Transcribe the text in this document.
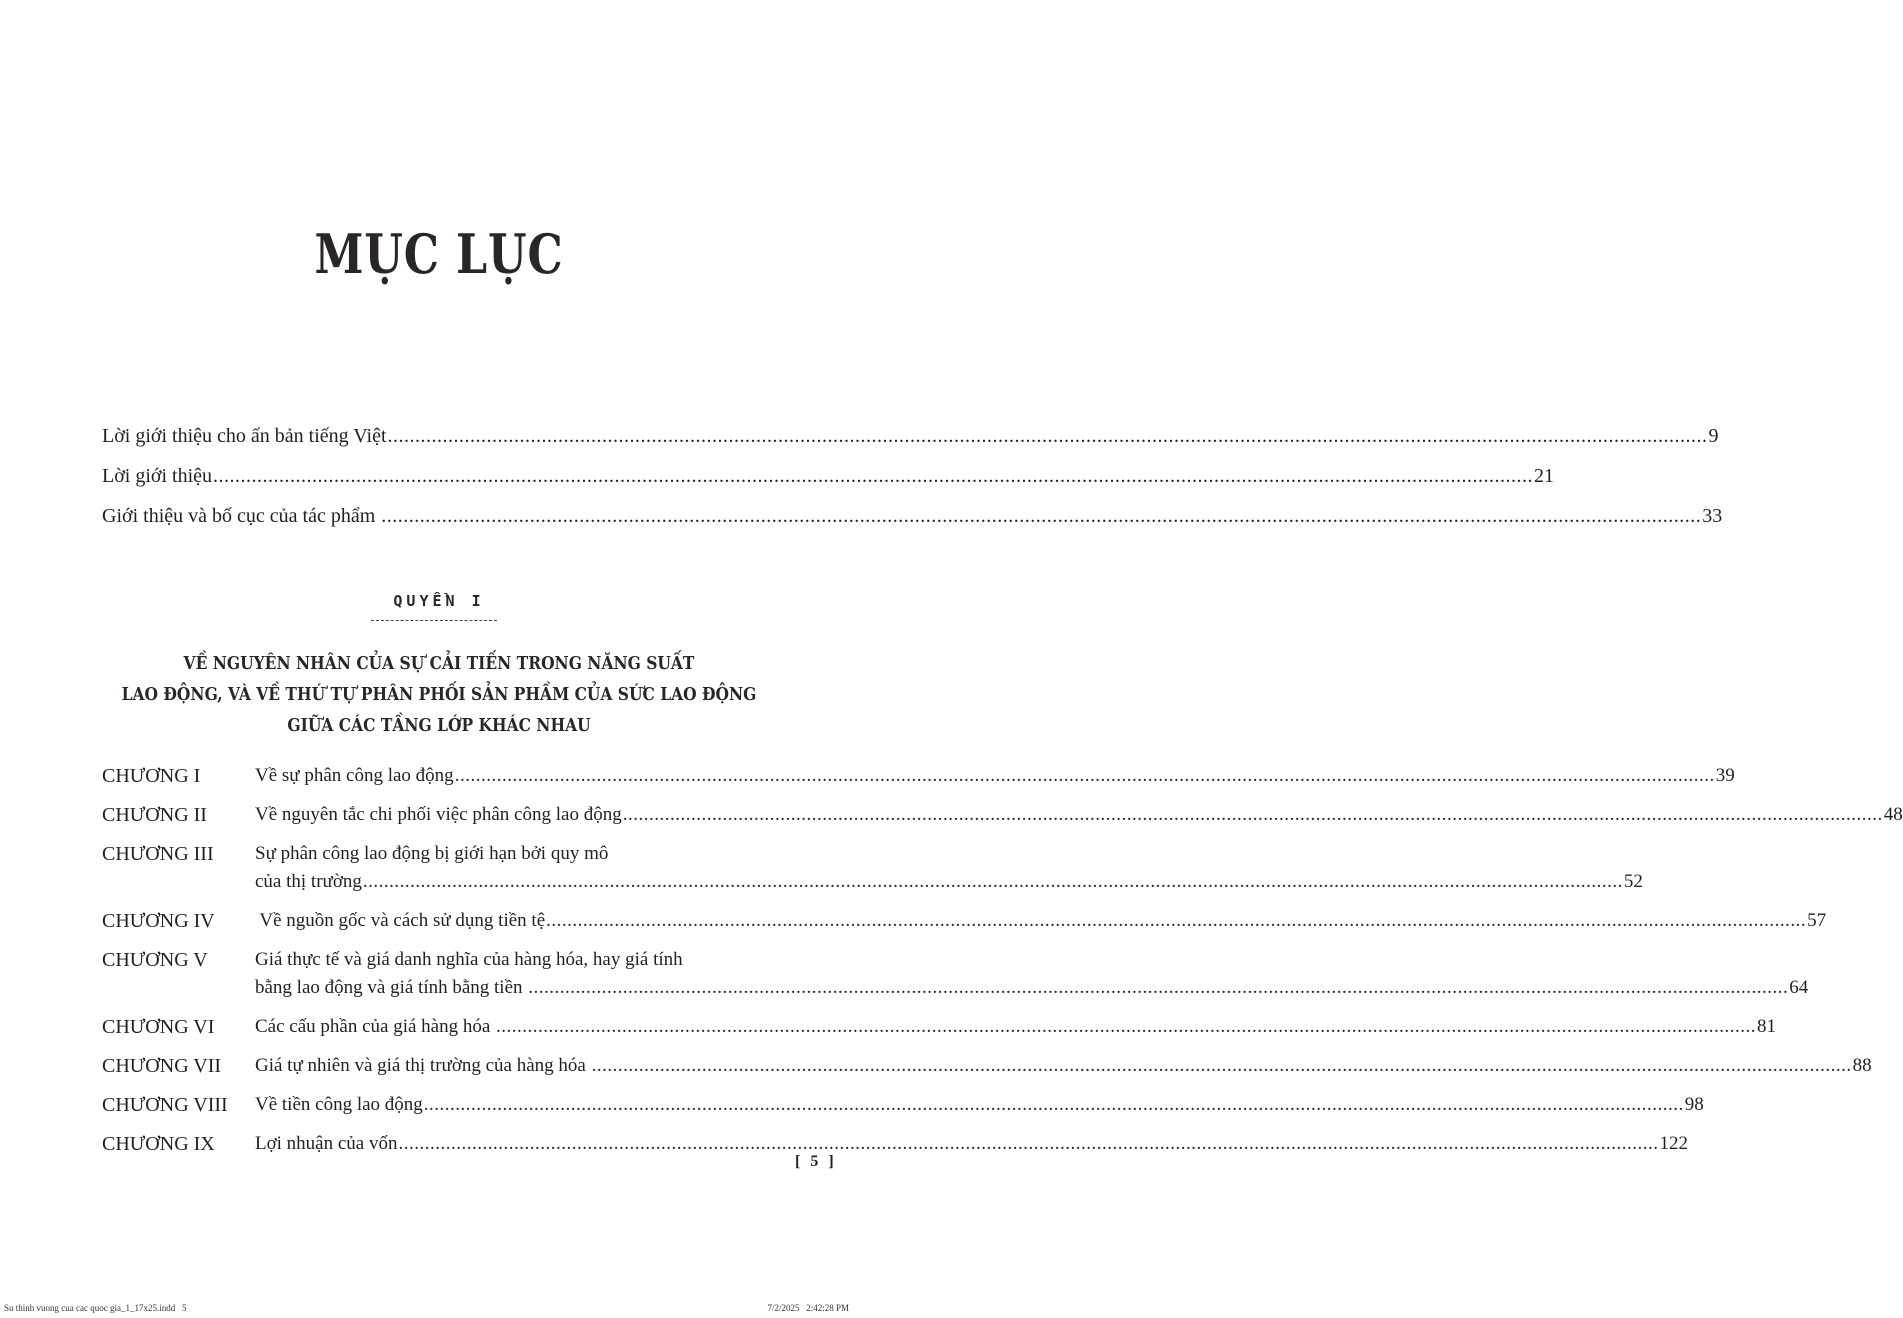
MỤC LỤC
Lời giới thiệu cho ấn bản tiếng Việt .....	9
Lời giới thiệu .....	21
Giới thiệu và bố cục của tác phẩm .....	33
QUYỂN I
VỀ NGUYÊN NHÂN CỦA SỰ CẢI TIẾN TRONG NĂNG SUẤT
LAO ĐỘNG, VÀ VỀ THỨ TỰ PHÂN PHỐI SẢN PHẦM CỦA SỨC LAO ĐỘNG
GIỮA CÁC TẦNG LỚP KHÁC NHAU
CHƯƠNG I	Về sự phân công lao động .....	39
CHƯƠNG II	Về nguyên tắc chi phối việc phân công lao động .....	48
CHƯƠNG III	Sự phân công lao động bị giới hạn bởi quy mô
của thị trường .....	52
CHƯƠNG IV	Về nguồn gốc và cách sử dụng tiền tệ .....	57
CHƯƠNG V	Giá thực tế và giá danh nghĩa của hàng hóa, hay giá tính
bằng lao động và giá tính bằng tiền .....	64
CHƯƠNG VI	Các cấu phần của giá hàng hóa .....	81
CHƯƠNG VII	Giá tự nhiên và giá thị trường của hàng hóa .....	88
CHƯƠNG VIII	Về tiền công lao động .....	98
CHƯƠNG IX	Lợi nhuận của vốn .....	122
[ 5 ]
Su thinh vuong cua cac quoc gia_1_17x25.indd   5	7/2/2025   2:42:28 PM
